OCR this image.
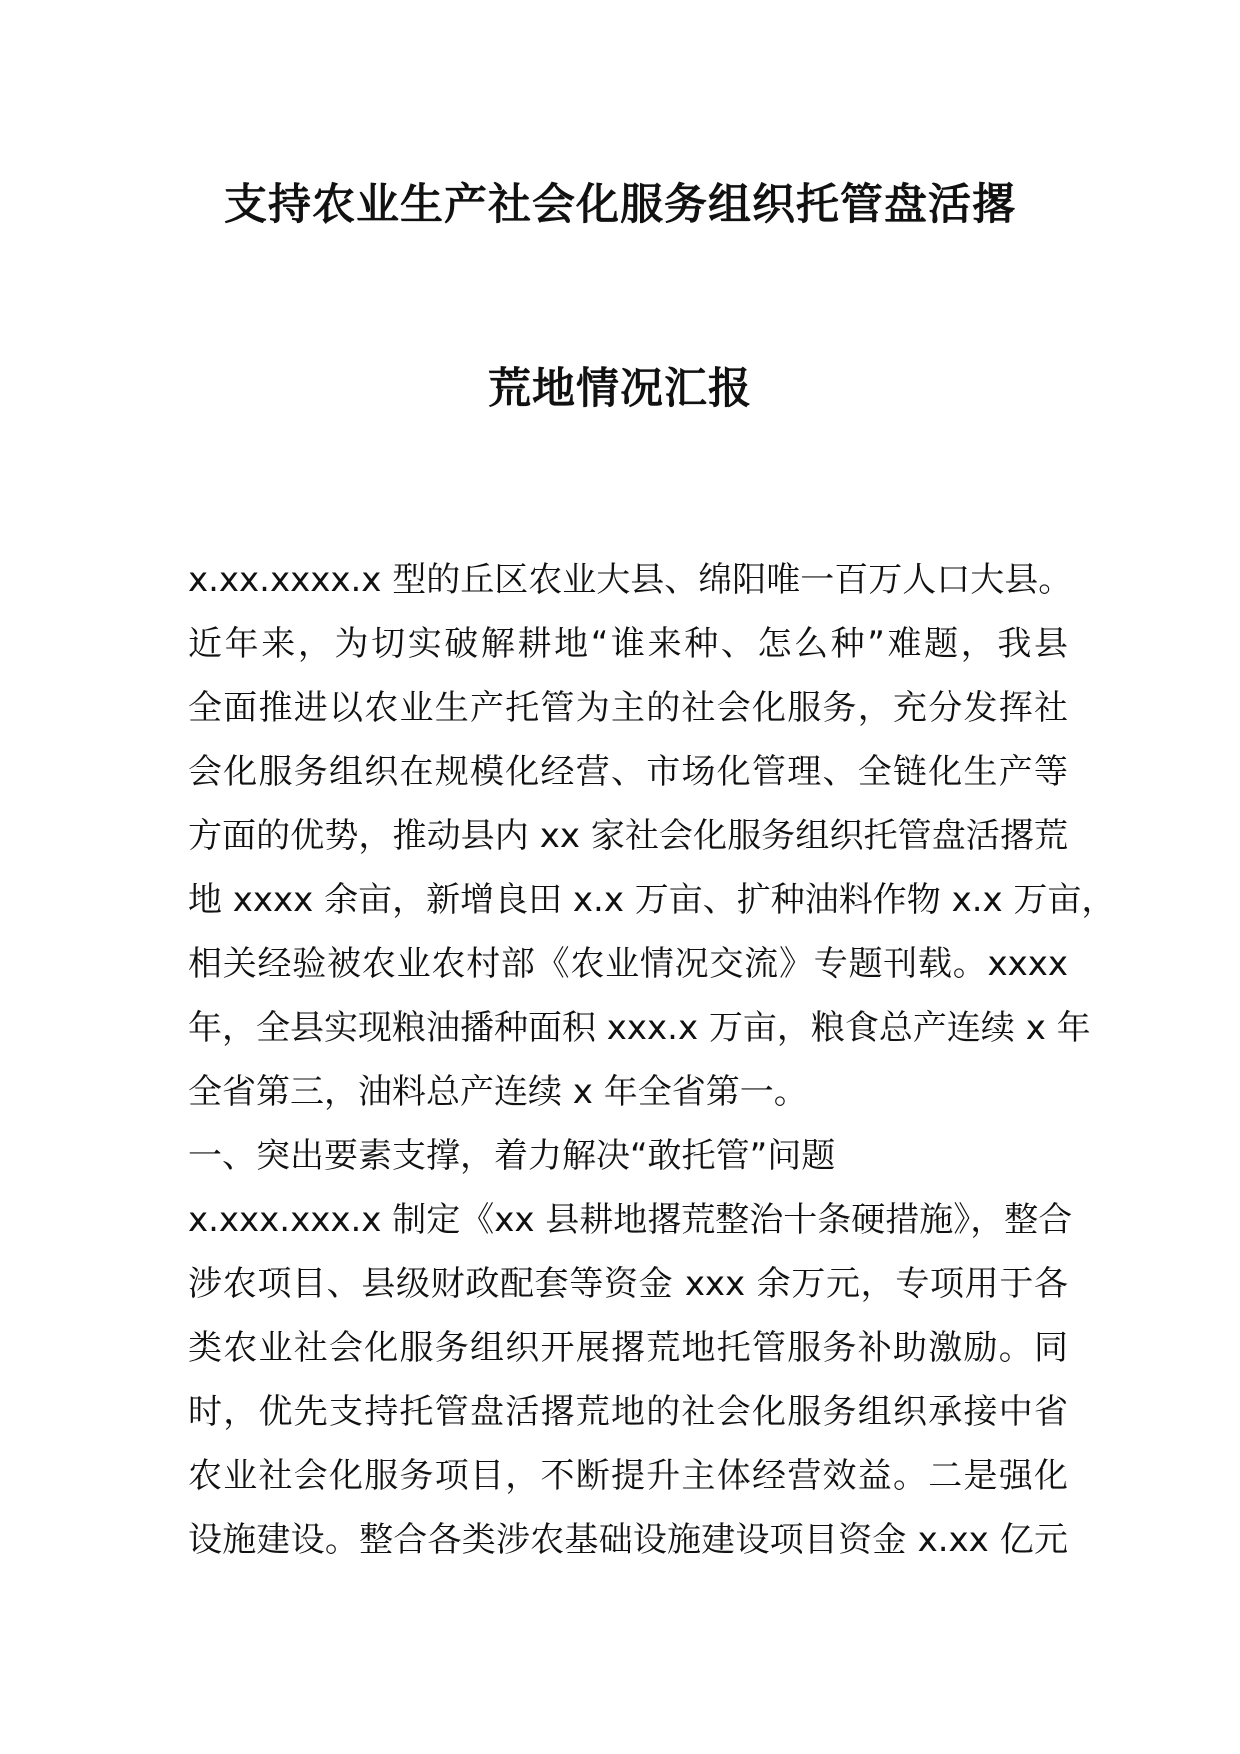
支持农业生产社会化服务组织托管盘活撂
荒地情况汇报
x.xx.xxxx.x 型的丘区农业大县、绵阳唯一百万人口大县。
近年来，为切实破解耕地“谁来种、怎么种”难题，我县
全面推进以农业生产托管为主的社会化服务，充分发挥社
会化服务组织在规模化经营、市场化管理、全链化生产等
方面的优势，推动县内 xx 家社会化服务组织托管盘活撂荒
地 xxxx 余亩，新增良田 x.x 万亩、扩种油料作物 x.x 万亩，
相关经验被农业农村部《农业情况交流》专题刊载。xxxx
年，全县实现粮油播种面积 xxx.x 万亩，粮食总产连续 x 年
全省第三，油料总产连续 x 年全省第一。
一、突出要素支撑，着力解决“敢托管”问题
x.xxx.xxx.x 制定《xx 县耕地撂荒整治十条硬措施》，整合
涉农项目、县级财政配套等资金 xxx 余万元，专项用于各
类农业社会化服务组织开展撂荒地托管服务补助激励。同
时，优先支持托管盘活撂荒地的社会化服务组织承接中省
农业社会化服务项目，不断提升主体经营效益。二是强化
设施建设。整合各类涉农基础设施建设项目资金 x.xx 亿元
